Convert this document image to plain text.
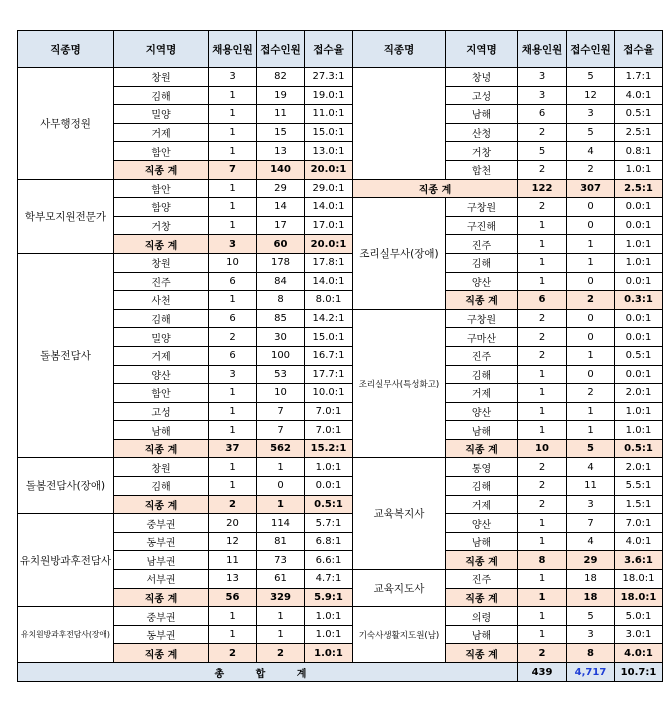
직종명	지역명	채용인원	접수인원	접수율	직종명	지역명	채용인원	접수인원	접수율
사무행정원	창원	3	82	27.3:1		창녕	3	5	1.7:1
	김해	1	19	19.0:1		고성	3	12	4.0:1
	밀양	1	11	11.0:1		남해	6	3	0.5:1
	거제	1	15	15.0:1		산청	2	5	2.5:1
	함안	1	13	13.0:1		거창	5	4	0.8:1
	직종 계	7	140	20.0:1		합천	2	2	1.0:1
학부모지원전문가	함안	1	29	29.0:1	직종 계		122	307	2.5:1
	함양	1	14	14.0:1	조리실무사(장애)	구창원	2	0	0.0:1
	거창	1	17	17.0:1		구진해	1	0	0.0:1
	직종 계	3	60	20.0:1		진주	1	1	1.0:1
돌봄전담사	창원	10	178	17.8:1		김해	1	1	1.0:1
	진주	6	84	14.0:1		양산	1	0	0.0:1
	사천	1	8	8.0:1		직종 계	6	2	0.3:1
	김해	6	85	14.2:1	조리실무사(특성화고)	구창원	2	0	0.0:1
	밀양	2	30	15.0:1		구마산	2	0	0.0:1
	거제	6	100	16.7:1		진주	2	1	0.5:1
	양산	3	53	17.7:1		김해	1	0	0.0:1
	함안	1	10	10.0:1		거제	1	2	2.0:1
	고성	1	7	7.0:1		양산	1	1	1.0:1
	남해	1	7	7.0:1		남해	1	1	1.0:1
	직종 계	37	562	15.2:1		직종 계	10	5	0.5:1
돌봄전담사(장애)	창원	1	1	1.0:1	교육복지사	통영	2	4	2.0:1
	김해	1	0	0.0:1		김해	2	11	5.5:1
	직종 계	2	1	0.5:1		거제	2	3	1.5:1
유치원방과후전담사	중부권	20	114	5.7:1		양산	1	7	7.0:1
	동부권	12	81	6.8:1		남해	1	4	4.0:1
	남부권	11	73	6.6:1		직종 계	8	29	3.6:1
	서부권	13	61	4.7:1	교육지도사	진주	1	18	18.0:1
	직종 계	56	329	5.9:1		직종 계	1	18	18.0:1
유치원방과후전담사(장애)	중부권	1	1	1.0:1	기숙사생활지도원(남)	의령	1	5	5.0:1
	동부권	1	1	1.0:1		남해	1	3	3.0:1
	직종 계	2	2	1.0:1		직종 계	2	8	4.0:1
총 합 계							439	4,717	10.7:1
